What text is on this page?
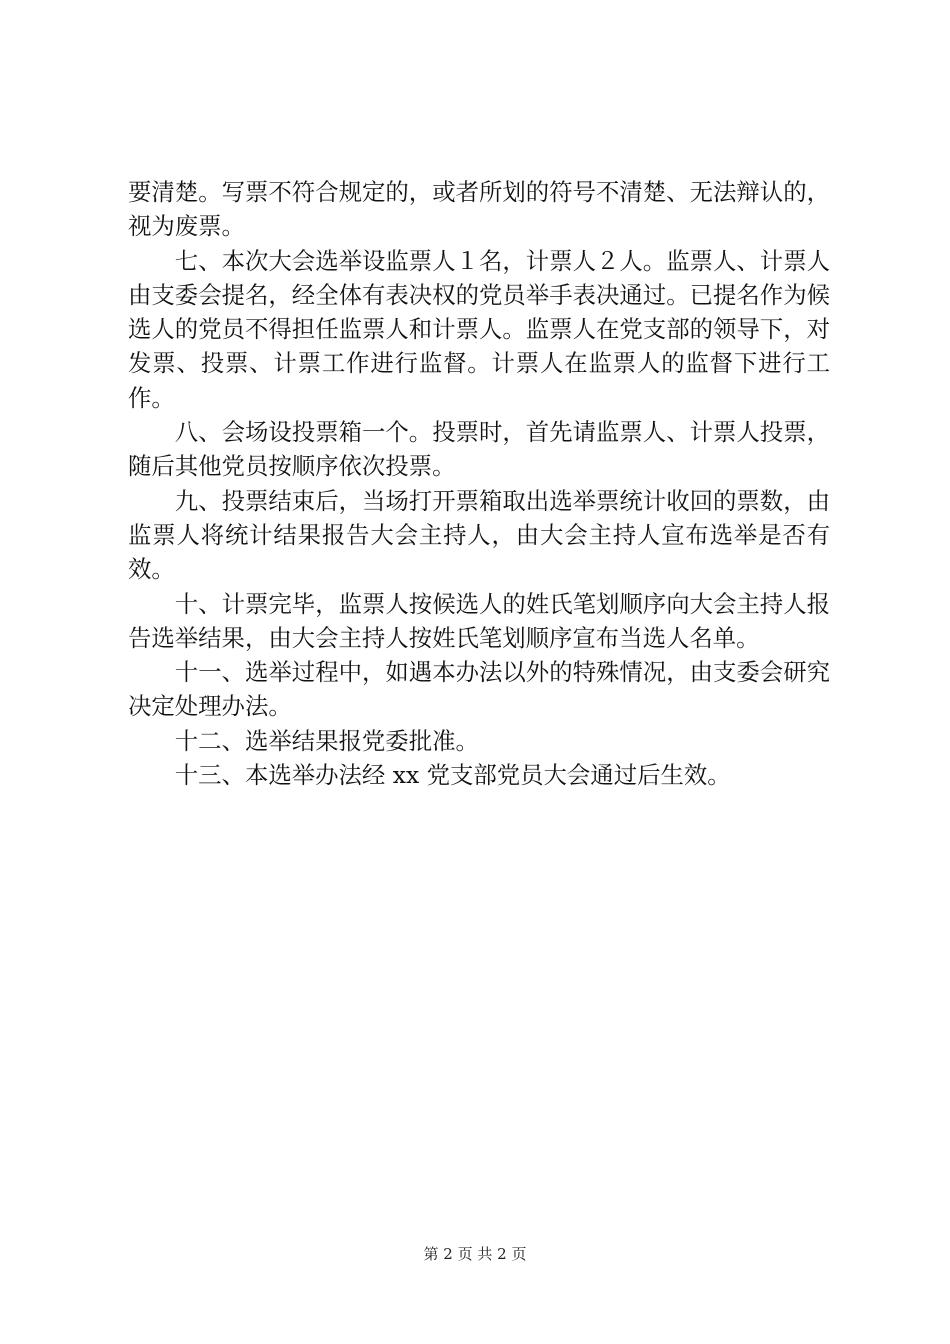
要清楚。写票不符合规定的，或者所划的符号不清楚、无法辩认的，视为废票。

七、本次大会选举设监票人１名，计票人２人。监票人、计票人由支委会提名，经全体有表决权的党员举手表决通过。已提名作为候选人的党员不得担任监票人和计票人。监票人在党支部的领导下，对发票、投票、计票工作进行监督。计票人在监票人的监督下进行工作。

八、会场设投票箱一个。投票时，首先请监票人、计票人投票，随后其他党员按顺序依次投票。

九、投票结束后，当场打开票箱取出选举票统计收回的票数，由监票人将统计结果报告大会主持人，由大会主持人宣布选举是否有效。

十、计票完毕，监票人按候选人的姓氏笔划顺序向大会主持人报告选举结果，由大会主持人按姓氏笔划顺序宣布当选人名单。

十一、选举过程中，如遇本办法以外的特殊情况，由支委会研究决定处理办法。

十二、选举结果报党委批准。

十三、本选举办法经 xx 党支部党员大会通过后生效。

第 2 页 共 2 页
